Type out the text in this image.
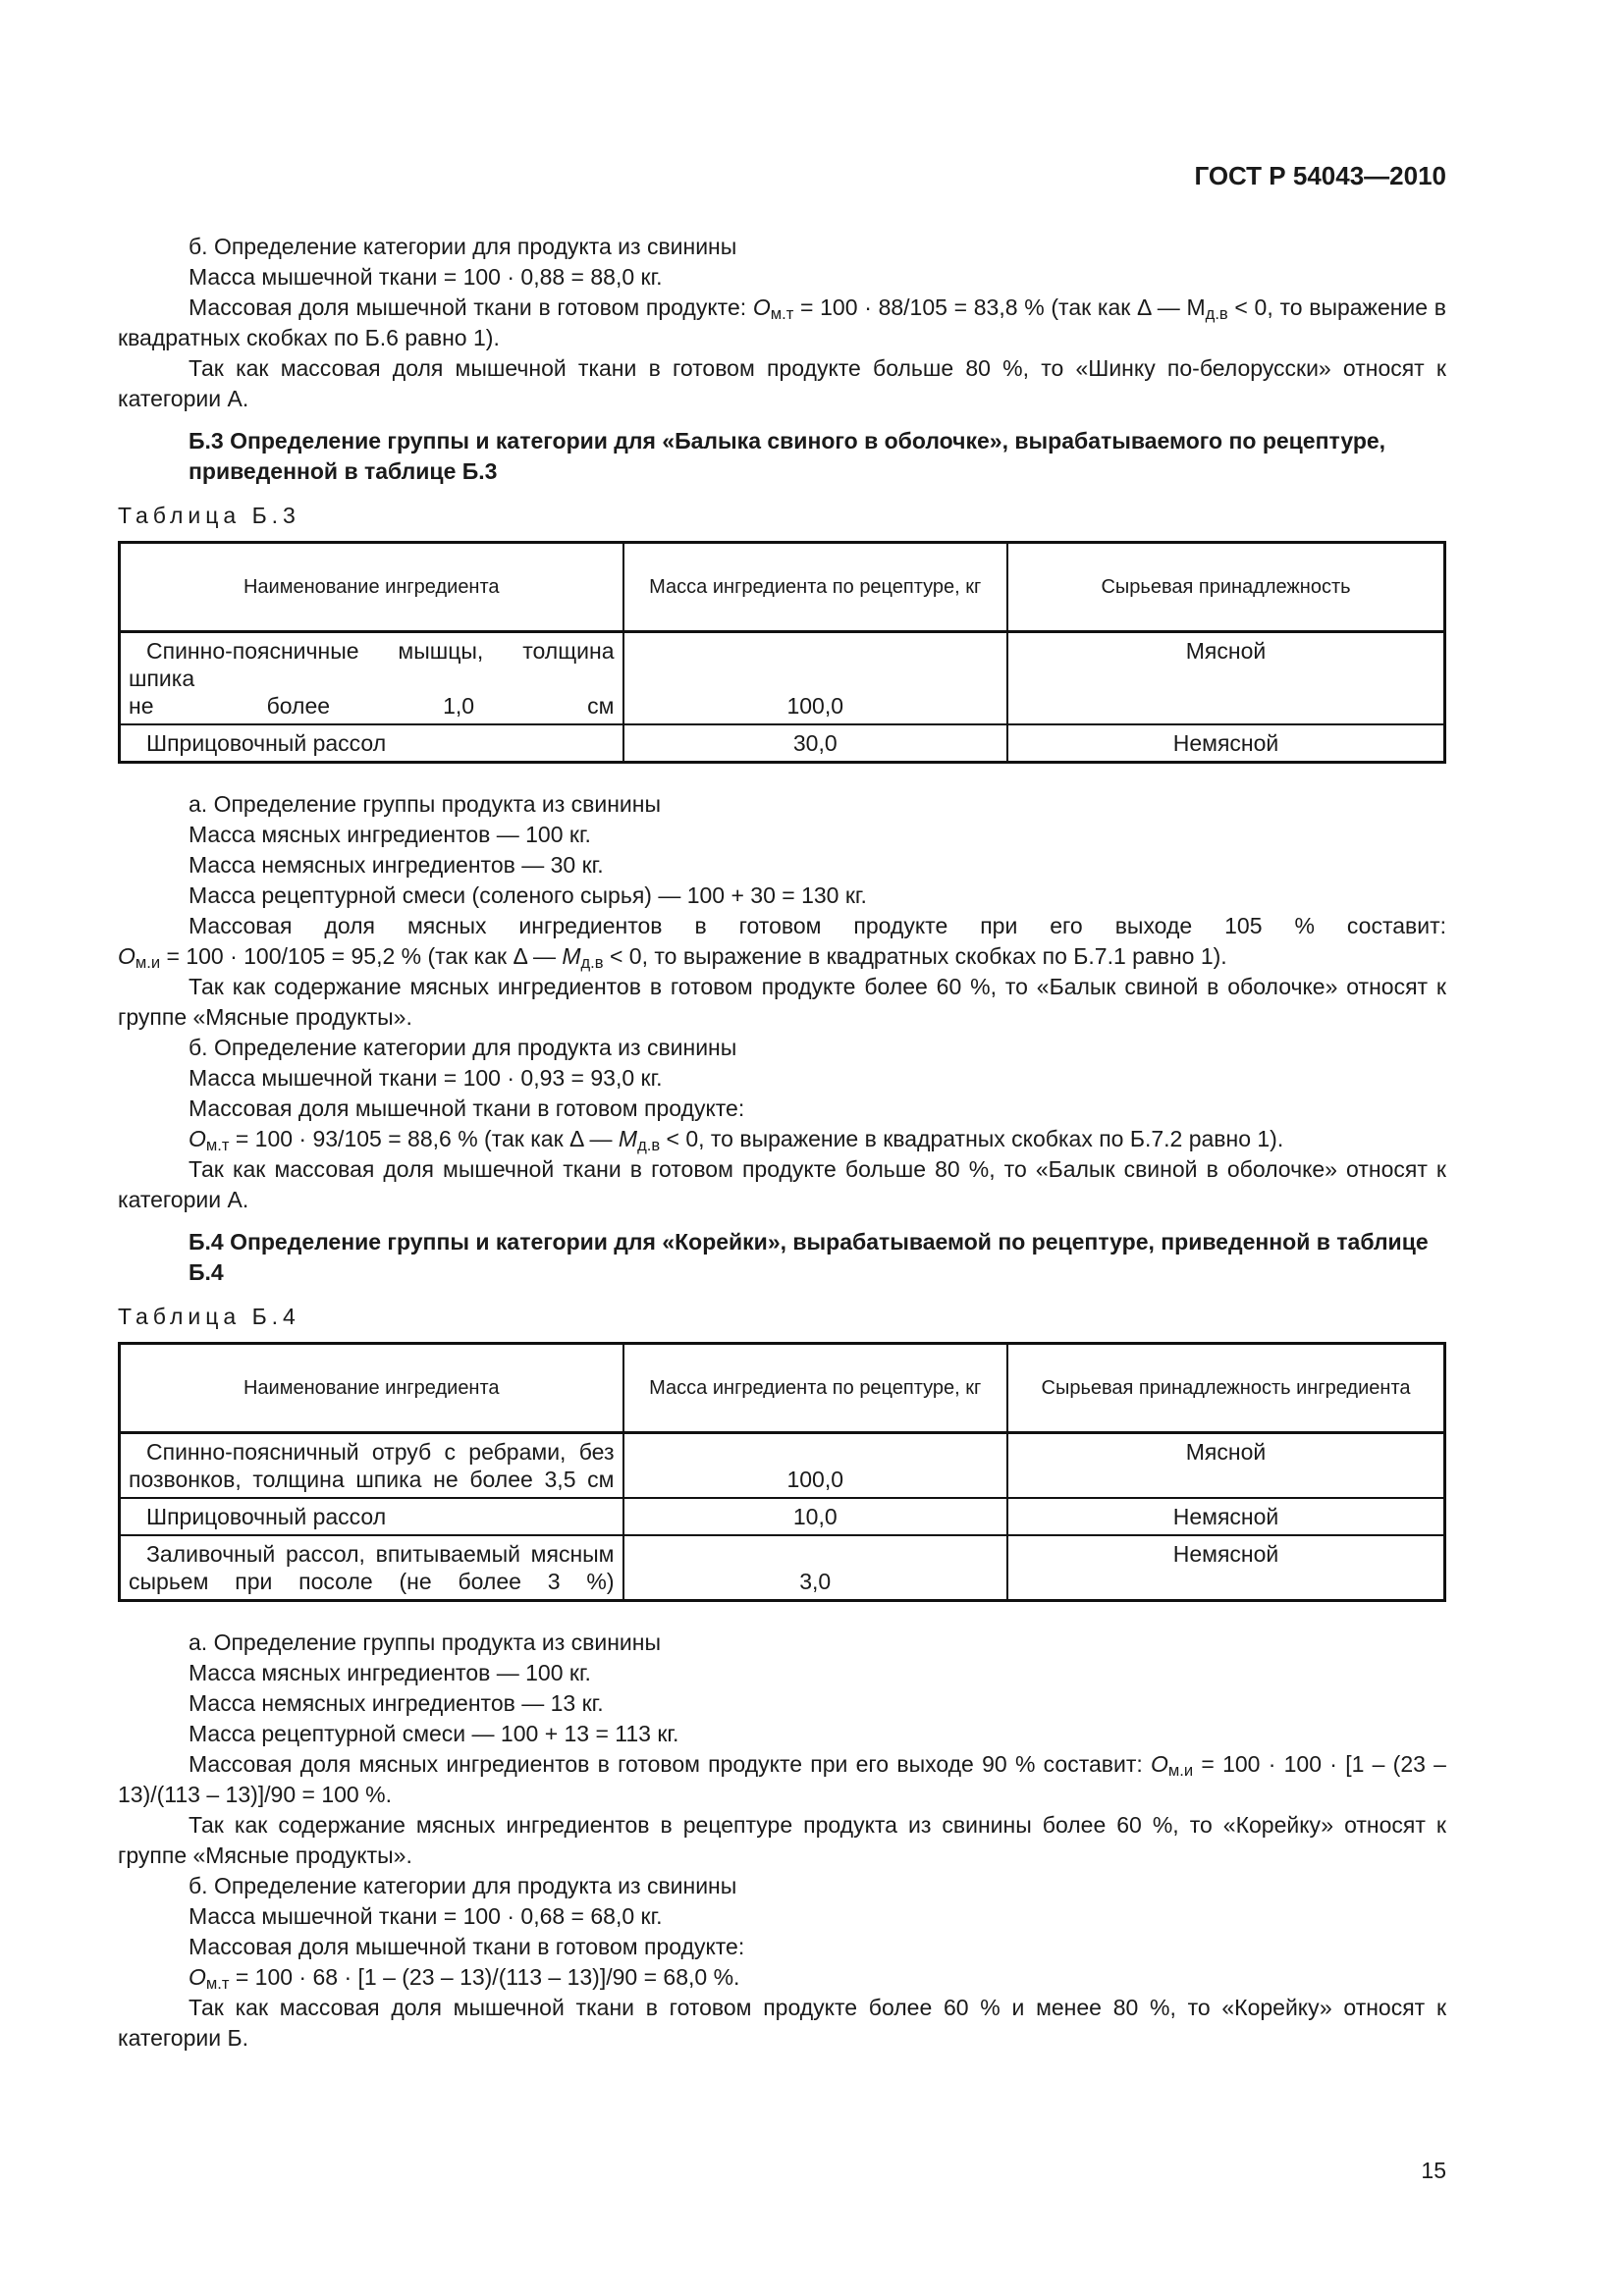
ГОСТ Р 54043—2010

б. Определение категории для продукта из свинины

Масса мышечной ткани = 100 · 0,88 = 88,0 кг.

Массовая доля мышечной ткани в готовом продукте: $О_{м.т} = 100 \cdot 88/105 = 83,8$ % (так как Δ — $М_{д.в} < 0$, то выражение в квадратных скобках по Б.6 равно 1).

Так как массовая доля мышечной ткани в готовом продукте больше 80 %, то «Шинку по-белорусски» относят к категории А.

Б.3 Определение группы и категории для «Балыка свиного в оболочке», вырабатываемого по рецептуре, приведенной в таблице Б.3

Таблица Б.3

Наименование ингредиента	Масса ингредиента по рецептуре, кг	Сырьевая принадлежность
Спинно-поясничные мышцы, толщина шпика
не более 1,0 см	100,0	Мясной
Шприцовочный рассол	30,0	Немясной

а. Определение группы продукта из свинины

Масса мясных ингредиентов — 100 кг.

Масса немясных ингредиентов — 30 кг.

Масса рецептурной смеси (соленого сырья) — 100 + 30 = 130 кг.

Массовая доля мясных ингредиентов в готовом продукте при его выходе 105 % составит:

$О_{м.и} = 100 \cdot 100/105 = 95,2$ % (так как Δ — $М_{д.в} < 0$, то выражение в квадратных скобках по Б.7.1 равно 1).

Так как содержание мясных ингредиентов в готовом продукте более 60 %, то «Балык свиной в оболочке» относят к группе «Мясные продукты».

б. Определение категории для продукта из свинины

Масса мышечной ткани = 100 · 0,93 = 93,0 кг.

Массовая доля мышечной ткани в готовом продукте:

$О_{м.т} = 100 \cdot 93/105 = 88,6$ % (так как Δ — $М_{д.в} < 0$, то выражение в квадратных скобках по Б.7.2 равно 1).

Так как массовая доля мышечной ткани в готовом продукте больше 80 %, то «Балык свиной в оболочке» относят к категории А.

Б.4 Определение группы и категории для «Корейки», вырабатываемой по рецептуре, приведенной в таблице Б.4

Таблица Б.4

Наименование ингредиента	Масса ингредиента по рецептуре, кг	Сырьевая принадлежность ингредиента
Спинно-поясничный отруб с ребрами, без
позвонков, толщина шпика не более 3,5 см	100,0	Мясной
Шприцовочный рассол	10,0	Немясной
Заливочный рассол, впитываемый мясным
сырьем при посоле (не более 3 %)	3,0	Немясной

а. Определение группы продукта из свинины

Масса мясных ингредиентов — 100 кг.

Масса немясных ингредиентов — 13 кг.

Масса рецептурной смеси — 100 + 13 = 113 кг.

Массовая доля мясных ингредиентов в готовом продукте при его выходе 90 % составит: $О_{м.и} = 100 \cdot 100 \cdot [1 - (23 - 13)/(113 - 13)]/90 = 100$ %.

Так как содержание мясных ингредиентов в рецептуре продукта из свинины более 60 %, то «Корейку» относят к группе «Мясные продукты».

б. Определение категории для продукта из свинины

Масса мышечной ткани = 100 · 0,68 = 68,0 кг.

Массовая доля мышечной ткани в готовом продукте:

$О_{м.т} = 100 \cdot 68 \cdot [1 - (23 - 13)/(113 - 13)]/90 = 68,0$ %.

Так как массовая доля мышечной ткани в готовом продукте более 60 % и менее 80 %, то «Корейку» относят к категории Б.

15
